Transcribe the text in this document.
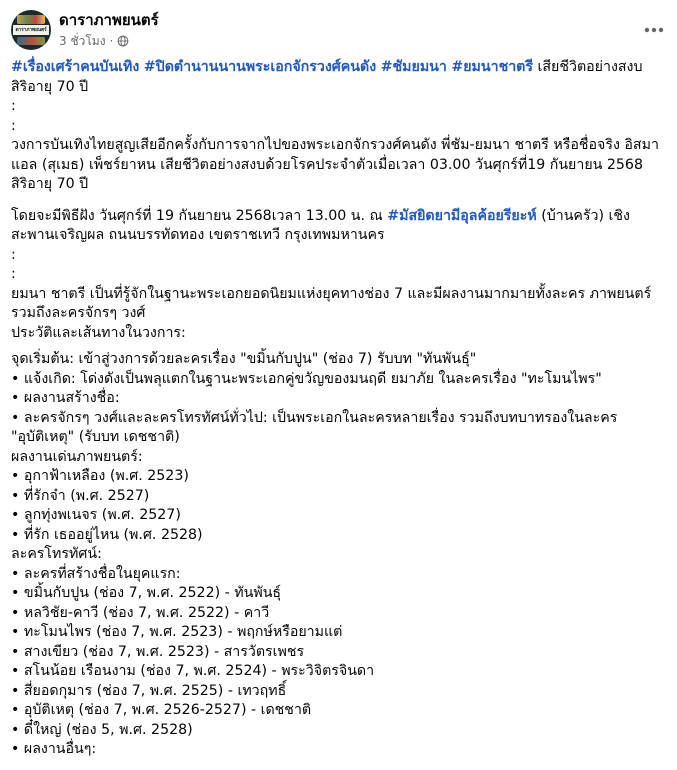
ดาราภาพยนตร์
ดาราภาพยนตร์
3 ชั่วโมง ·

#เรื่องเศร้าคนบันเทิง #ปิดตำนานนานพระเอกจักรวงศ์คนดัง #ชัมยมนา #ยมนาชาตรี เสียชีวิตอย่างสงบ สิริอายุ 70 ปี

:
:

วงการบันเทิงไทยสูญเสียอีกครั้งกับการจากไปของพระเอกจักรวงศ์คนดัง พี่ชัม-ยมนา ชาตรี หรือชื่อจริง อิสมาแอล (สุเมธ) เพ็ชร์ยาหน เสียชีวิตอย่างสงบด้วยโรคประจำตัวเมื่อเวลา 03.00 วันศุกร์ที่19 กันยายน 2568 สิริอายุ 70 ปี

โดยจะมีพิธีฝัง วันศุกร์ที่ 19 กันยายน 2568เวลา 13.00 น. ณ #มัสยิดยามีอุลค้อยรียะห์ (บ้านครัว) เชิงสะพานเจริญผล ถนนบรรทัดทอง เขตราชเทวี กรุงเทพมหานคร

:
:

ยมนา ชาตรี เป็นที่รู้จักในฐานะพระเอกยอดนิยมแห่งยุคทางช่อง 7 และมีผลงานมากมายทั้งละคร ภาพยนตร์ รวมถึงละครจักรๆ วงศ์

ประวัติและเส้นทางในวงการ:
จุดเริ่มต้น: เข้าสู่วงการด้วยละครเรื่อง "ขมิ้นกับปูน" (ช่อง 7) รับบท "ทันพันธุ์"
• แจ้งเกิด: โด่งดังเป็นพลุแตกในฐานะพระเอกคู่ขวัญของมนฤดี ยมาภัย ในละครเรื่อง "ทะโมนไพร"
• ผลงานสร้างชื่อ:
• ละครจักรๆ วงศ์และละครโทรทัศน์ทั่วไป: เป็นพระเอกในละครหลายเรื่อง รวมถึงบทบาทรองในละคร "อุบัติเหตุ" (รับบท เดชชาติ)
ผลงานเด่นภาพยนตร์:
• อุกาฟ้าเหลือง (พ.ศ. 2523)
• ที่รักจ๋า (พ.ศ. 2527)
• ลูกทุ่งพเนจร (พ.ศ. 2527)
• ที่รัก เธออยู่ไหน (พ.ศ. 2528)
ละครโทรทัศน์:
• ละครที่สร้างชื่อในยุคแรก:
• ขมิ้นกับปูน (ช่อง 7, พ.ศ. 2522) - ทันพันธุ์
• หลวิชัย-คาวี (ช่อง 7, พ.ศ. 2522) - คาวี
• ทะโมนไพร (ช่อง 7, พ.ศ. 2523) - พฤกษ์หรือยามแต่
• สางเขียว (ช่อง 7, พ.ศ. 2523) - สารวัตรเพชร
• สโนน้อย เรือนงาม (ช่อง 7, พ.ศ. 2524) - พระวิจิตรจินดา
• สี่ยอดกุมาร (ช่อง 7, พ.ศ. 2525) - เทวฤทธิ์
• อุบัติเหตุ (ช่อง 7, พ.ศ. 2526-2527) - เดชชาติ
• ดี๋ใหญ่ (ช่อง 5, พ.ศ. 2528)
• ผลงานอื่นๆ:
